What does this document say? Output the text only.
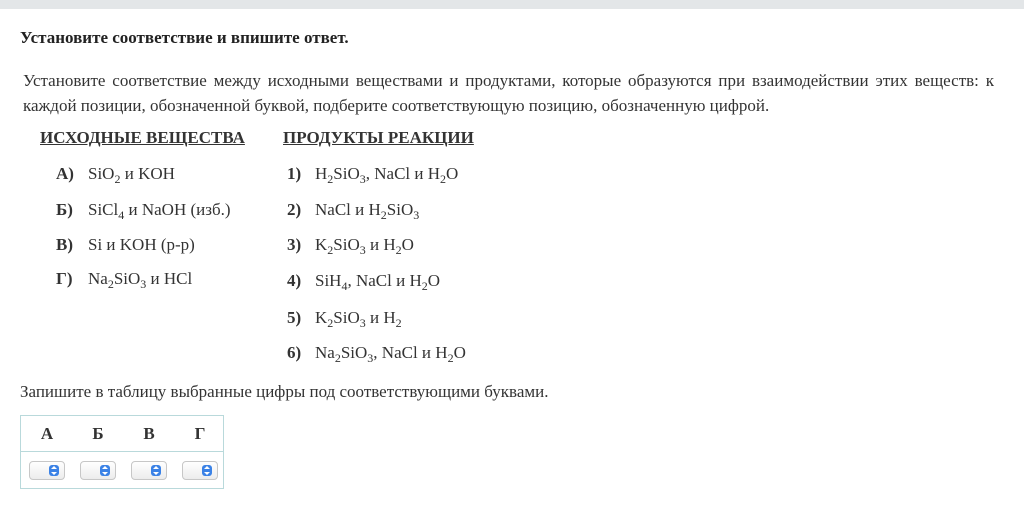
Установите соответствие и впишите ответ.
Установите соответствие между исходными веществами и продуктами, которые образуются при взаимодействии этих веществ: к каждой позиции, обозначенной буквой, подберите соответствующую позицию, обозначенную цифрой.
ИСХОДНЫЕ ВЕЩЕСТВА ПРОДУКТЫ РЕАКЦИИ
А) SiO$_2$ и KOH
Б) SiCl$_4$ и NaOH (изб.)
В) Si и KOH (р-р)
Г) $Na_2SiO_3$ и HCl
1) $H_2SiO_3$, NaCl и $H_2O$
2) NaCl и $H_2SiO_3$
3) $K_2SiO_3$ и $H_2O$
4) SiH$_4$, NaCl и $H_2O$
5) $K_2SiO_3$ и $H_2$
6) $Na_2SiO_3$, NaCl и $H_2O$
Запишите в таблицу выбранные цифры под соответствующими буквами.
А	Б	В	Г
